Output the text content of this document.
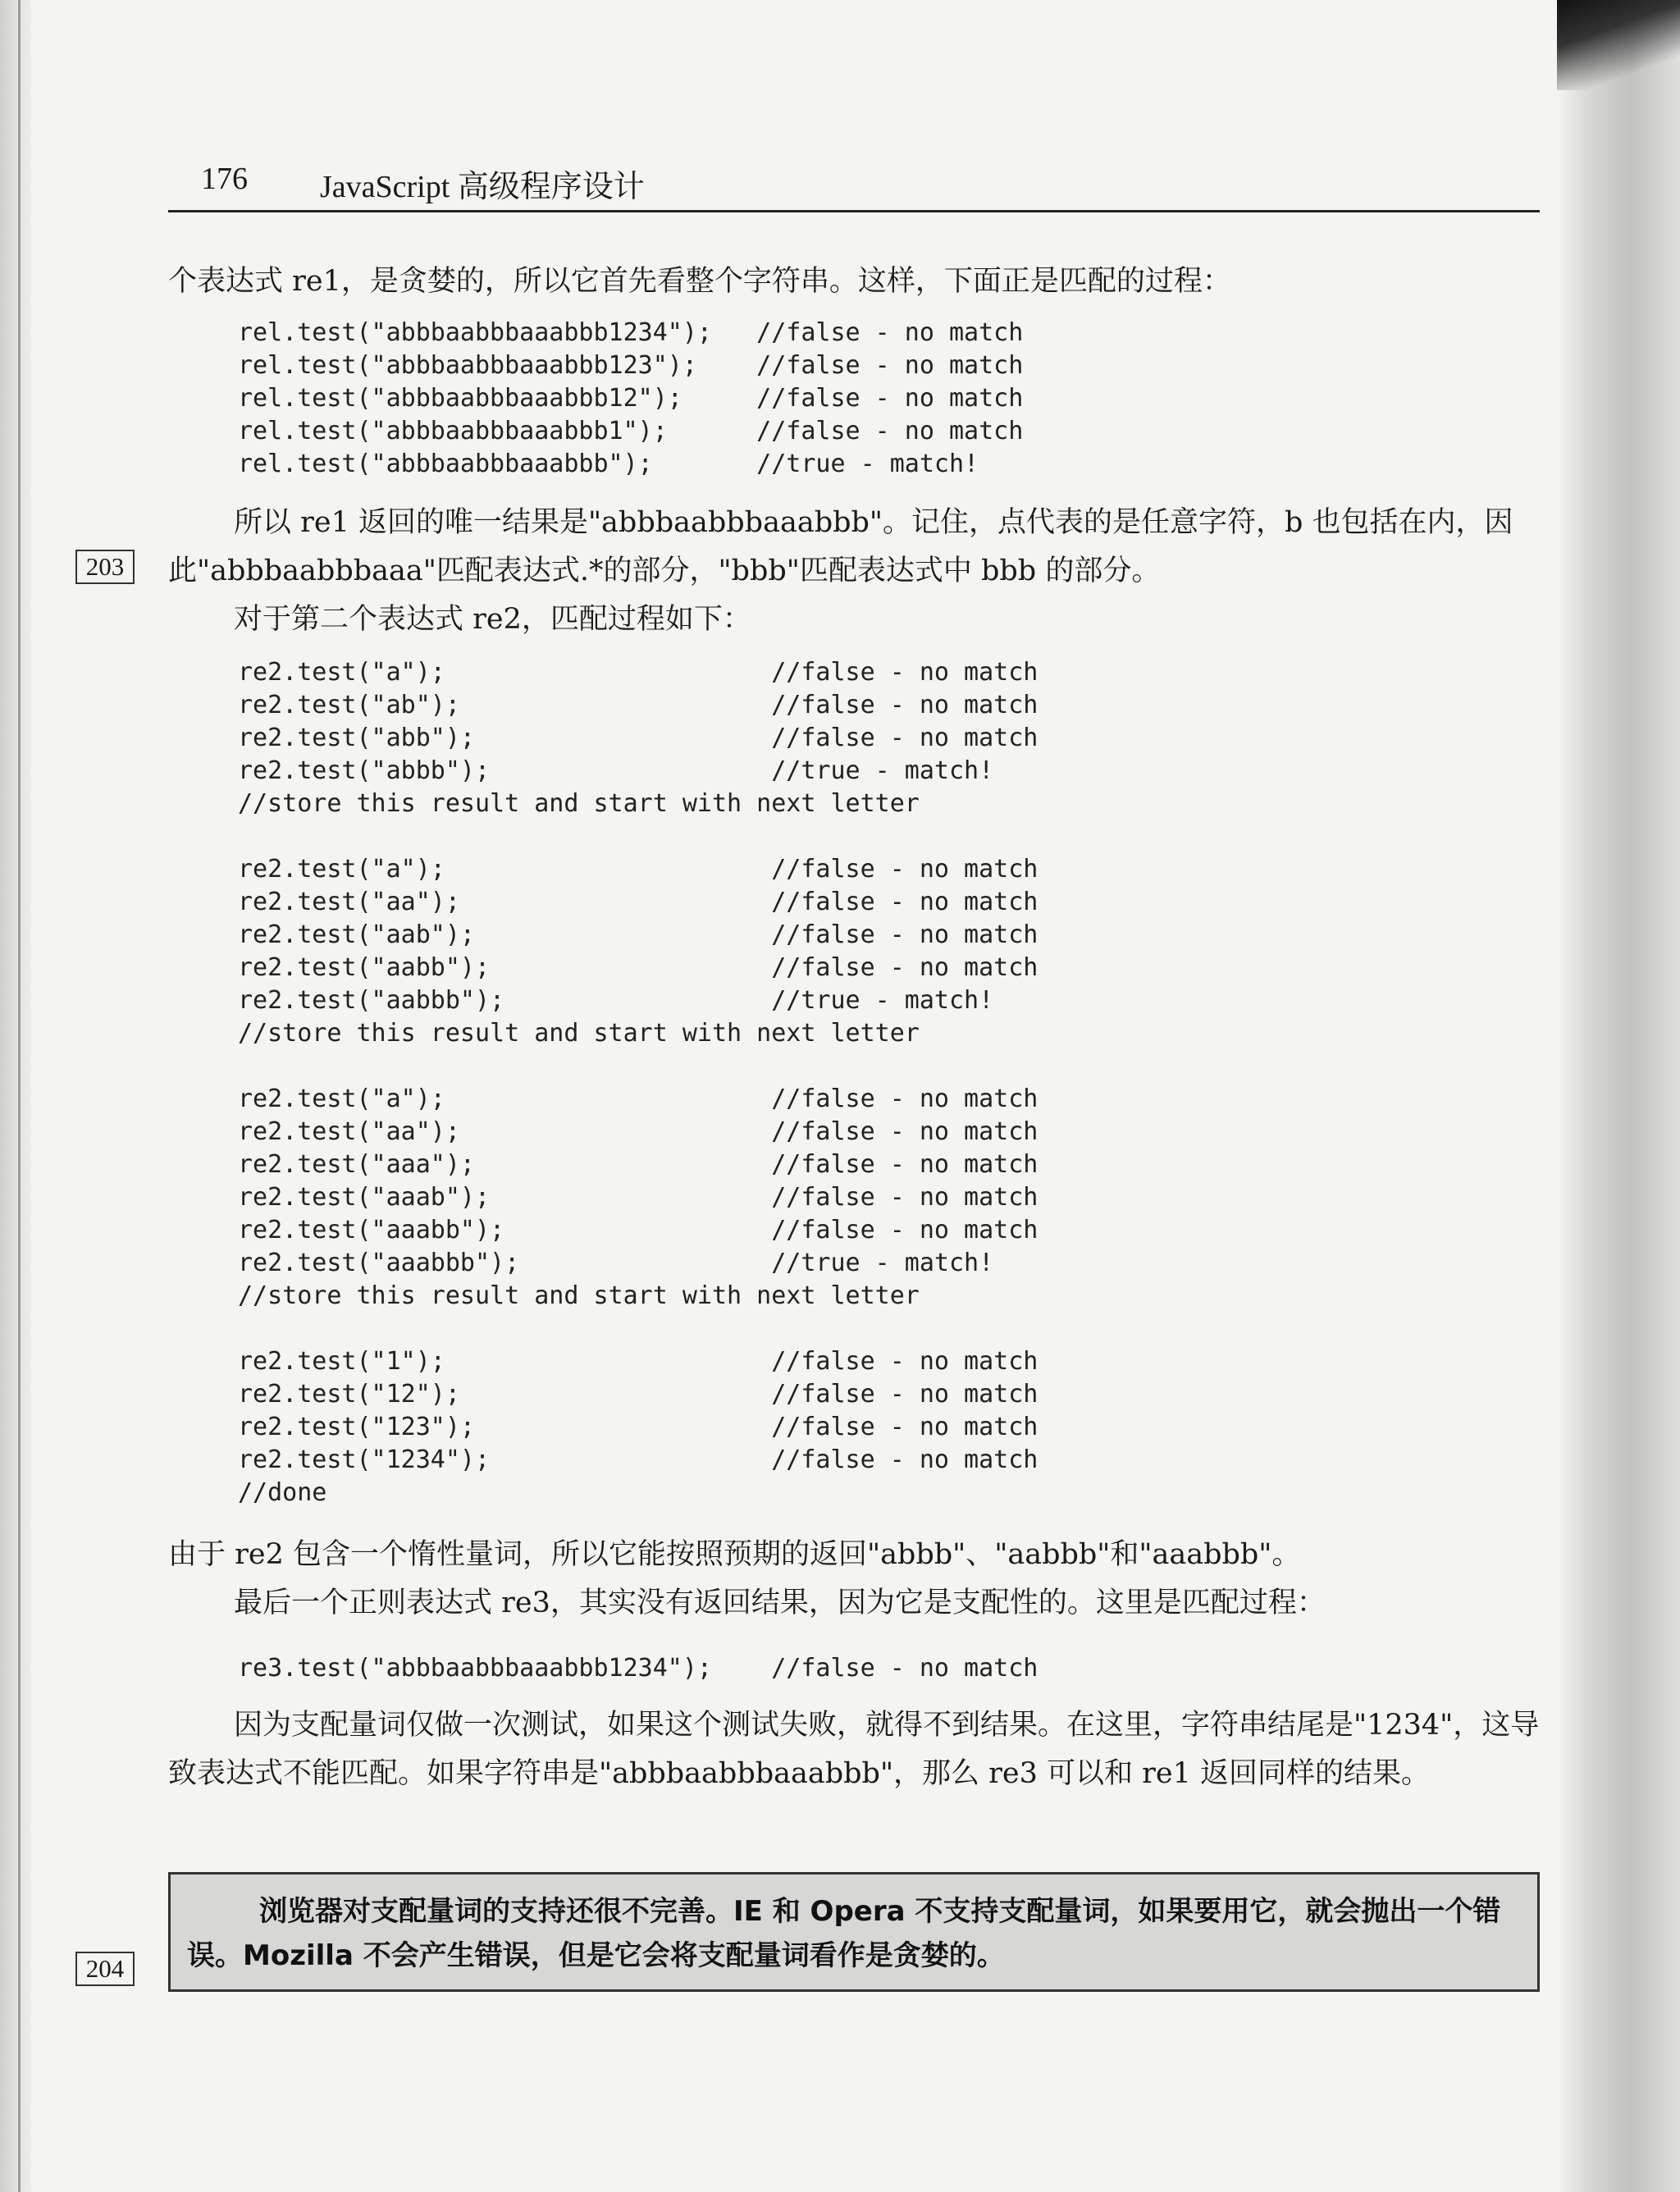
176 JavaScript 高级程序设计
个表达式 re1，是贪婪的，所以它首先看整个字符串。这样，下面正是匹配的过程：
rel.test("abbbaabbbaaabbb1234");   //false - no match
rel.test("abbbaabbbaaabbb123");    //false - no match
rel.test("abbbaabbbaaabbb12");     //false - no match
rel.test("abbbaabbbaaabbb1");      //false - no match
rel.test("abbbaabbbaaabbb");       //true - match!
所以 re1 返回的唯一结果是"abbbaabbbaaabbb"。记住，点代表的是任意字符，b 也包括在内，因此"abbbaabbbaaa"匹配表达式.*的部分，"bbb"匹配表达式中 bbb 的部分。
203
对于第二个表达式 re2，匹配过程如下：
re2.test("a");                      //false - no match
re2.test("ab");                     //false - no match
re2.test("abb");                    //false - no match
re2.test("abbb");                   //true - match!
//store this result and start with next letter
re2.test("a");                      //false - no match
re2.test("aa");                     //false - no match
re2.test("aab");                    //false - no match
re2.test("aabb");                   //false - no match
re2.test("aabbb");                  //true - match!
//store this result and start with next letter
re2.test("a");                      //false - no match
re2.test("aa");                     //false - no match
re2.test("aaa");                    //false - no match
re2.test("aaab");                   //false - no match
re2.test("aaabb");                  //false - no match
re2.test("aaabbb");                 //true - match!
//store this result and start with next letter
re2.test("1");                      //false - no match
re2.test("12");                     //false - no match
re2.test("123");                    //false - no match
re2.test("1234");                   //false - no match
//done
由于 re2 包含一个惰性量词，所以它能按照预期的返回"abbb"、"aabbb"和"aaabbb"。
最后一个正则表达式 re3，其实没有返回结果，因为它是支配性的。这里是匹配过程：
re3.test("abbbaabbbaaabbb1234");    //false - no match
因为支配量词仅做一次测试，如果这个测试失败，就得不到结果。在这里，字符串结尾是"1234"，这导致表达式不能匹配。如果字符串是"abbbaabbbaaabbb"，那么 re3 可以和 re1 返回同样的结果。
浏览器对支配量词的支持还很不完善。IE 和 Opera 不支持支配量词，如果要用它，就会抛出一个错误。Mozilla 不会产生错误，但是它会将支配量词看作是贪婪的。
204
